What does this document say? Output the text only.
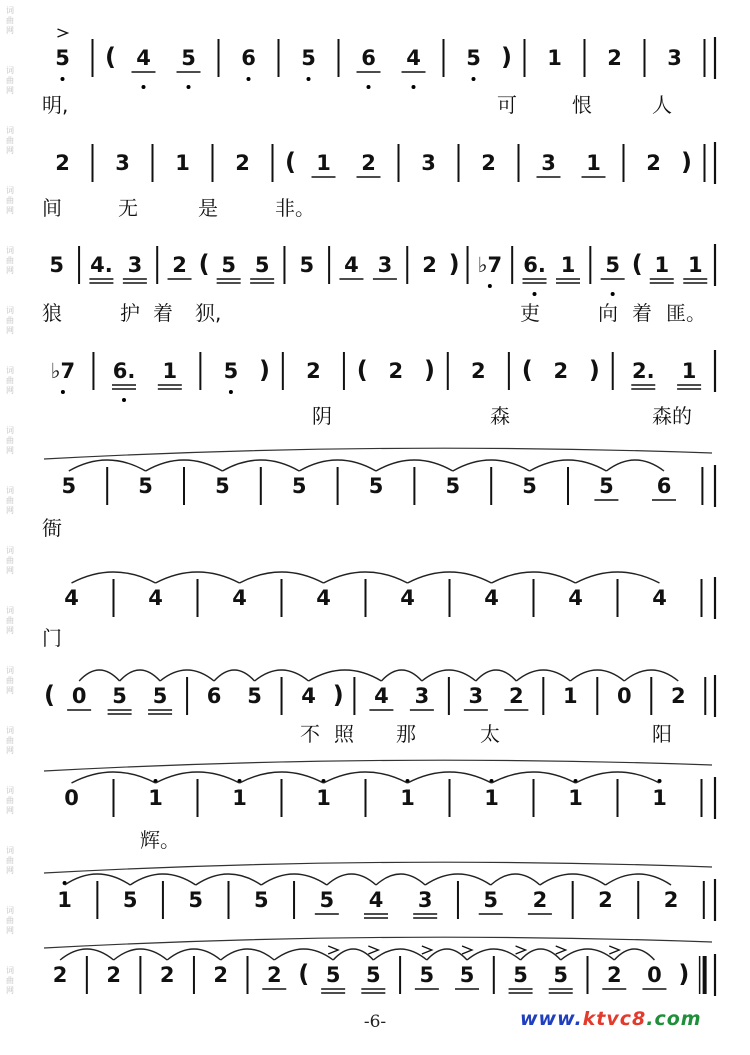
词曲网
词曲网
词曲网
词曲网
词曲网
词曲网
词曲网
词曲网
词曲网
词曲网
词曲网
词曲网
词曲网
词曲网
词曲网
词曲网
词曲网
5 ( 4 5 6 5 6 4 5 ) 1 2 3
明,	可	恨	人
2 3 1 2 ( 1 2 3 2 3 1 2 )
间	无	是	非。
5 4. 3 2 ( 5 5 5 4 3 2 ) ♭7 6. 1 5 ( 1 1
狼	护 着 狈,	吏	向 着 匪。
♭7 6. 1 5 ) 2 ( 2 ) 2 ( 2 ) 2. 1
阴	森	森的
5	5	5	5	5	5	5	5 6
衙
4	4	4	4	4	4	4	4
门
( 0 5 5 6 5 4 ) 4 3 3 2 1 0 2
不 照 那	太	阳
0	1	1	1	1	1	1	1
辉。
1 5 5 5 5 4 3 5 2 2 2
2 2 2 2 2 ( 5 5 5 5 5 5 2 0 )
-6-	www.ktvc8.com
